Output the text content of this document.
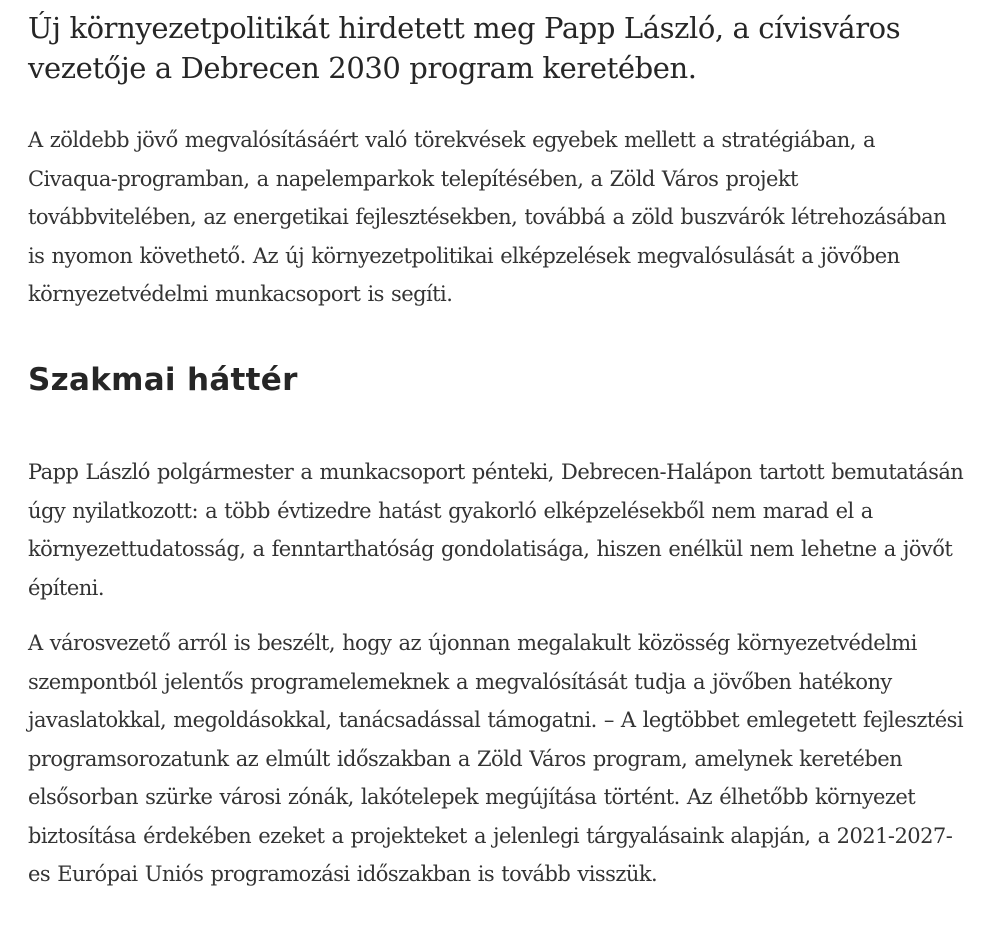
Új környezetpolitikát hirdetett meg Papp László, a cívisváros vezetője a Debrecen 2030 program keretében.

A zöldebb jövő megvalósításáért való törekvések egyebek mellett a stratégiában, a Civaqua-programban, a napelemparkok telepítésében, a Zöld Város projekt továbbvitelében, az energetikai fejlesztésekben, továbbá a zöld buszvárók létrehozásában is nyomon követhető. Az új környezetpolitikai elképzelések megvalósulását a jövőben környezetvédelmi munkacsoport is segíti.

Szakmai háttér

Papp László polgármester a munkacsoport pénteki, Debrecen-Halápon tartott bemutatásán úgy nyilatkozott: a több évtizedre hatást gyakorló elképzelésekből nem marad el a környezettudatosság, a fenntarthatóság gondolatisága, hiszen enélkül nem lehetne a jövőt építeni.

A városvezető arról is beszélt, hogy az újonnan megalakult közösség környezetvédelmi szempontból jelentős programelemeknek a megvalósítását tudja a jövőben hatékony javaslatokkal, megoldásokkal, tanácsadással támogatni. – A legtöbbet emlegetett fejlesztési programsorozatunk az elmúlt időszakban a Zöld Város program, amelynek keretében elsősorban szürke városi zónák, lakótelepek megújítása történt. Az élhetőbb környezet biztosítása érdekében ezeket a projekteket a jelenlegi tárgyalásaink alapján, a 2021-2027-es Európai Uniós programozási időszakban is tovább visszük.
